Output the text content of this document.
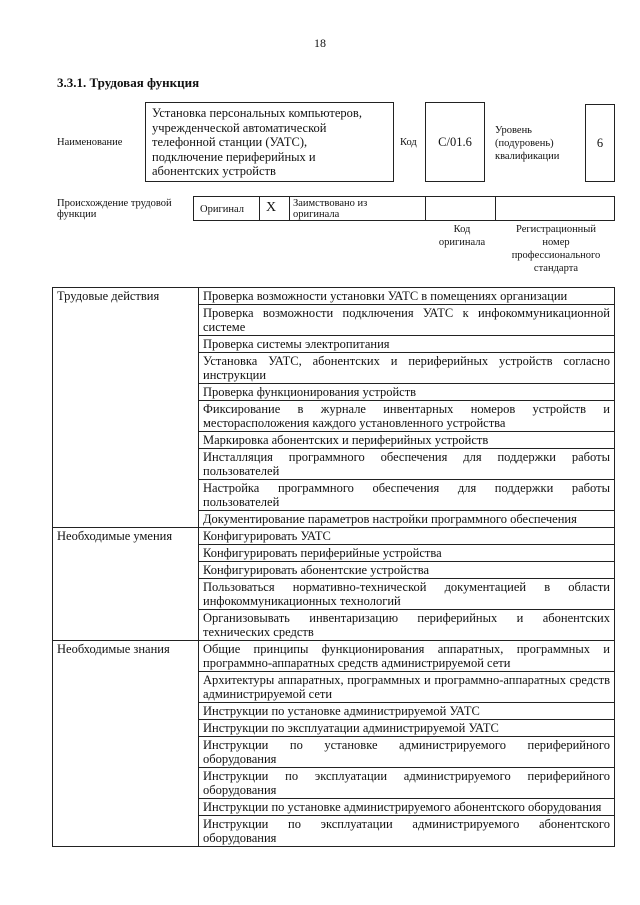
18
3.3.1. Трудовая функция
Наименование
Установка персональных компьютеров,
учрежденческой автоматической
телефонной станции (УАТС),
подключение периферийных и
абонентских устройств
Код C/01.6
Уровень
(подуровень)
квалификации
6
Происхождение трудовой
функции	Оригинал X Заимствовано из
оригинала
Код
оригинала
Регистрационный
номер
профессионального
стандарта
Трудовые действия	Проверка возможности установки УАТС в помещениях организации
	Проверка возможности подключения УАТС к инфокоммуникационной системе
	Проверка системы электропитания
	Установка УАТС, абонентских и периферийных устройств согласно инструкции
	Проверка функционирования устройств
	Фиксирование в журнале инвентарных номеров устройств и месторасположения каждого установленного устройства
	Маркировка абонентских и периферийных устройств
	Инсталляция программного обеспечения для поддержки работы пользователей
	Настройка программного обеспечения для поддержки работы пользователей
	Документирование параметров настройки программного обеспечения
Необходимые умения	Конфигурировать УАТС
	Конфигурировать периферийные устройства
	Конфигурировать абонентские устройства
	Пользоваться нормативно-технической документацией в области инфокоммуникационных технологий
	Организовывать инвентаризацию периферийных и абонентских технических средств
Необходимые знания	Общие принципы функционирования аппаратных, программных и программно-аппаратных средств администрируемой сети
	Архитектуры аппаратных, программных и программно-аппаратных средств администрируемой сети
	Инструкции по установке администрируемой УАТС
	Инструкции по эксплуатации администрируемой УАТС
	Инструкции по установке администрируемого периферийного оборудования
	Инструкции по эксплуатации администрируемого периферийного оборудования
	Инструкции по установке администрируемого абонентского оборудования
	Инструкции по эксплуатации администрируемого абонентского оборудования
